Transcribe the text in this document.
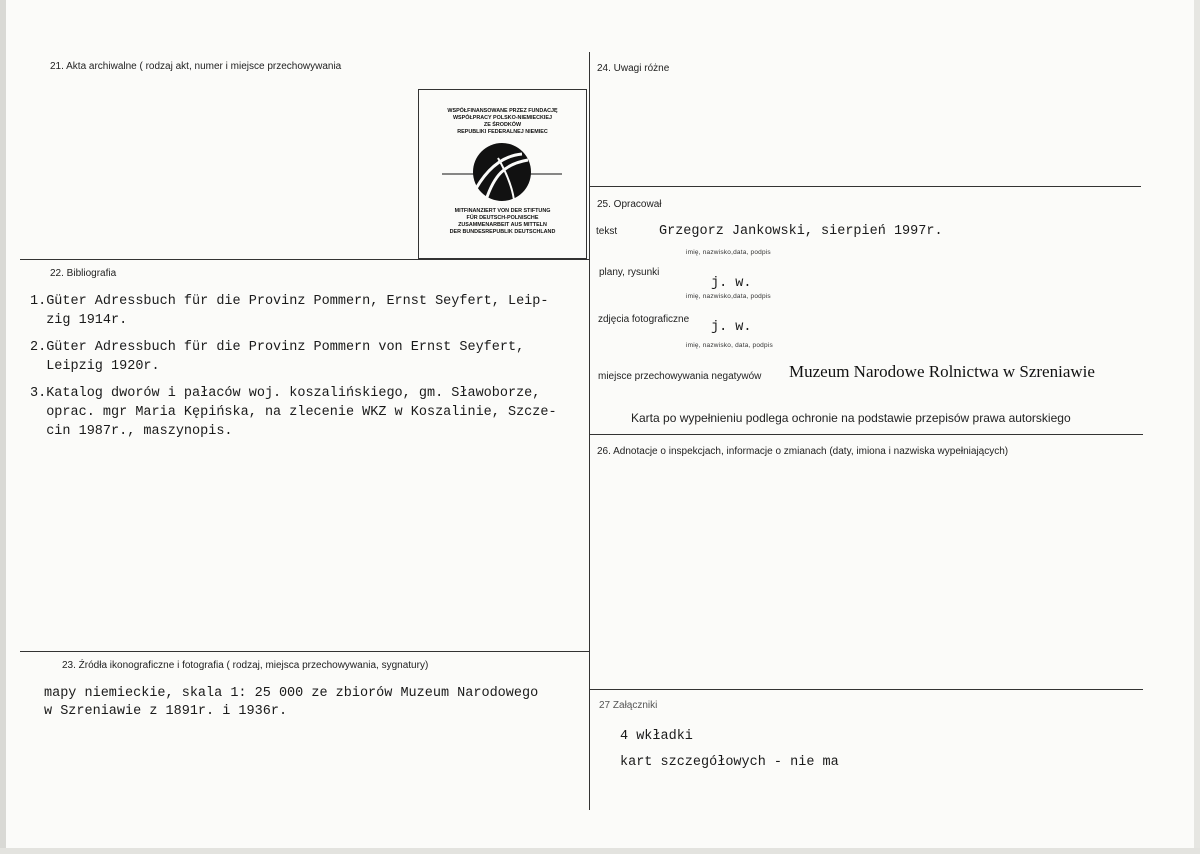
21. Akta archiwalne ( rodzaj akt, numer i miejsce przechowywania
22. Bibliografia
23. Źródła ikonograficzne i fotografia ( rodzaj, miejsca przechowywania, sygnatury)
24. Uwagi różne
25. Opracował
26. Adnotacje o inspekcjach, informacje o zmianach (daty, imiona i nazwiska wypełniających)
27 Załączniki
WSPÓŁFINANSOWANE PRZEZ FUNDACJĘ
WSPÓŁPRACY POLSKO-NIEMIECKIEJ
ZE ŚRODKÓW
REPUBLIKI FEDERALNEJ NIEMIEC
MITFINANZIERT VON DER STIFTUNG
FÜR DEUTSCH-POLNISCHE
ZUSAMMENARBEIT AUS MITTELN
DER BUNDESREPUBLIK DEUTSCHLAND
1.Güter Adressbuch für die Provinz Pommern, Ernst Seyfert, Leip-
zig 1914r.
2.Güter Adressbuch für die Provinz Pommern von Ernst Seyfert,
Leipzig 1920r.
3.Katalog dworów i pałaców woj. koszalińskiego, gm. Sławoborze,
oprac. mgr Maria Kępińska, na zlecenie WKZ w Koszalinie, Szcze-
cin 1987r., maszynopis.
mapy niemieckie, skala 1: 25 000 ze zbiorów Muzeum Narodowego
w Szreniawie z 1891r. i 1936r.
tekst	Grzegorz Jankowski, sierpień 1997r.
imię, nazwisko,data, podpis
plany, rysunki
j. w.
imię, nazwisko,data, podpis
zdjęcia fotograficzne
j. w.
imię, nazwisko, data, podpis
miejsce przechowywania negatywów Muzeum Narodowe Rolnictwa w Szreniawie
Karta po wypełnieniu podlega ochronie na podstawie przepisów prawa autorskiego
4 wkładki
kart szczegółowych - nie ma
